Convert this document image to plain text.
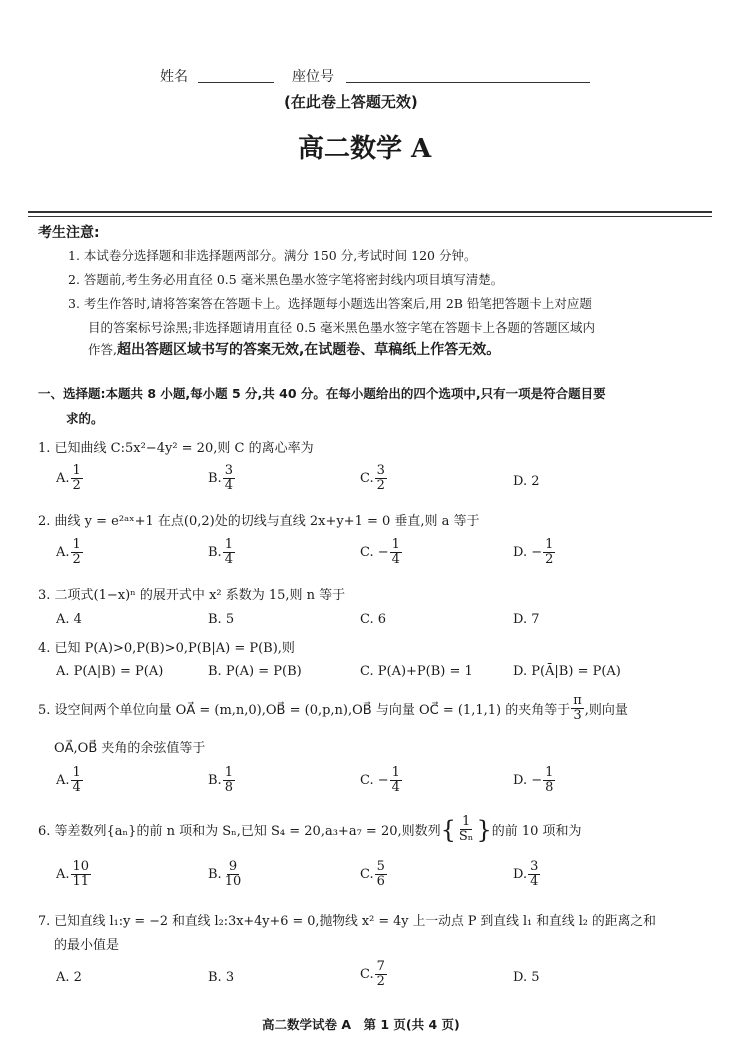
姓名	座位号
(在此卷上答题无效)
高二数学 A
考生注意:
1. 本试卷分选择题和非选择题两部分。满分 150 分,考试时间 120 分钟。
2. 答题前,考生务必用直径 0.5 毫米黑色墨水签字笔将密封线内项目填写清楚。
3. 考生作答时,请将答案答在答题卡上。选择题每小题选出答案后,用 2B 铅笔把答题卡上对应题
目的答案标号涂黑;非选择题请用直径 0.5 毫米黑色墨水签字笔在答题卡上各题的答题区域内
作答,超出答题区域书写的答案无效,在试题卷、草稿纸上作答无效。
一、选择题:本题共 8 小题,每小题 5 分,共 40 分。在每小题给出的四个选项中,只有一项是符合题目要
求的。
1. 已知曲线 C:5x²−4y² = 20,则 C 的离心率为
A. $\frac{1}{2}$	B. $\frac{3}{4}$	C. $\frac{3}{2}$	D. 2
2. 曲线 y = e²ᵃˣ+1 在点(0,2)处的切线与直线 2x+y+1 = 0 垂直,则 a 等于
A. $\frac{1}{2}$	B. $\frac{1}{4}$	C. − $\frac{1}{4}$	D. − $\frac{1}{2}$
3. 二项式(1−x)ⁿ 的展开式中 x² 系数为 15,则 n 等于
A. 4	B. 5	C. 6	D. 7
4. 已知 P(A)>0,P(B)>0,P(B|A) = P(B),则
A. P(A|B) = P(A)	B. P(A) = P(B)	C. P(A)+P(B) = 1	D. P(Ā|B) = P(A)
5. 设空间两个单位向量 OA⃗ = (m,n,0),OB⃗ = (0,p,n),OB⃗ 与向量 OC⃗ = (1,1,1) 的夹角等于 $\frac{\pi}{3}$ ,则向量
OA⃗,OB⃗ 夹角的余弦值等于
A. $\frac{1}{4}$	B. $\frac{1}{8}$	C. − $\frac{1}{4}$	D. − $\frac{1}{8}$
6. 等差数列{aₙ}的前 n 项和为 Sₙ,已知 S₄ = 20,a₃+a₇ = 20,则数列 { $\frac{1}{\text{Sₙ}}$ } 的前 10 项和为
A. $\frac{10}{11}$	B. $\frac{9}{10}$	C. $\frac{5}{6}$	D. $\frac{3}{4}$
7. 已知直线 l₁:y = −2 和直线 l₂:3x+4y+6 = 0,抛物线 x² = 4y 上一动点 P 到直线 l₁ 和直线 l₂ 的距离之和
的最小值是
A. 2	B. 3	C. $\frac{7}{2}$	D. 5
高二数学试卷 A　第 1 页(共 4 页)
